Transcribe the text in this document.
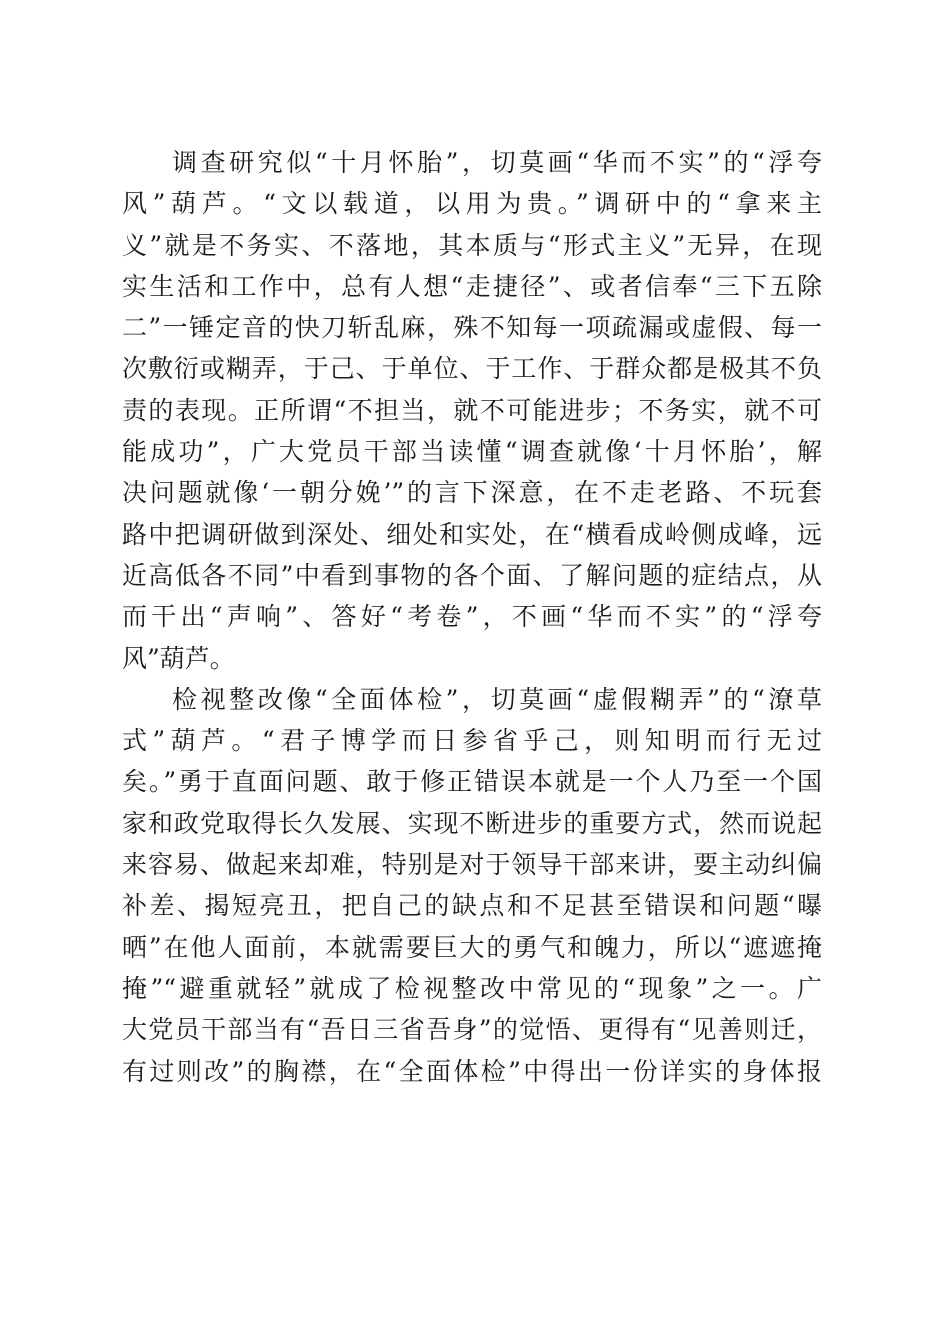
调查研究似“十月怀胎”，切莫画“华而不实”的“浮夸
风”葫芦。“文以载道，以用为贵。”调研中的“拿来主
义”就是不务实、不落地，其本质与“形式主义”无异，在现
实生活和工作中，总有人想“走捷径”、或者信奉“三下五除
二”一锤定音的快刀斩乱麻，殊不知每一项疏漏或虚假、每一
次敷衍或糊弄，于己、于单位、于工作、于群众都是极其不负
责的表现。正所谓“不担当，就不可能进步；不务实，就不可
能成功”，广大党员干部当读懂“调查就像‘十月怀胎’，解
决问题就像‘一朝分娩’”的言下深意，在不走老路、不玩套
路中把调研做到深处、细处和实处，在“横看成岭侧成峰，远
近高低各不同”中看到事物的各个面、了解问题的症结点，从
而干出“声响”、答好“考卷”，不画“华而不实”的“浮夸
风”葫芦。
检视整改像“全面体检”，切莫画“虚假糊弄”的“潦草
式”葫芦。“君子博学而日参省乎己，则知明而行无过
矣。”勇于直面问题、敢于修正错误本就是一个人乃至一个国
家和政党取得长久发展、实现不断进步的重要方式，然而说起
来容易、做起来却难，特别是对于领导干部来讲，要主动纠偏
补差、揭短亮丑，把自己的缺点和不足甚至错误和问题“曝
晒”在他人面前，本就需要巨大的勇气和魄力，所以“遮遮掩
掩”“避重就轻”就成了检视整改中常见的“现象”之一。广
大党员干部当有“吾日三省吾身”的觉悟、更得有“见善则迁，
有过则改”的胸襟，在“全面体检”中得出一份详实的身体报
